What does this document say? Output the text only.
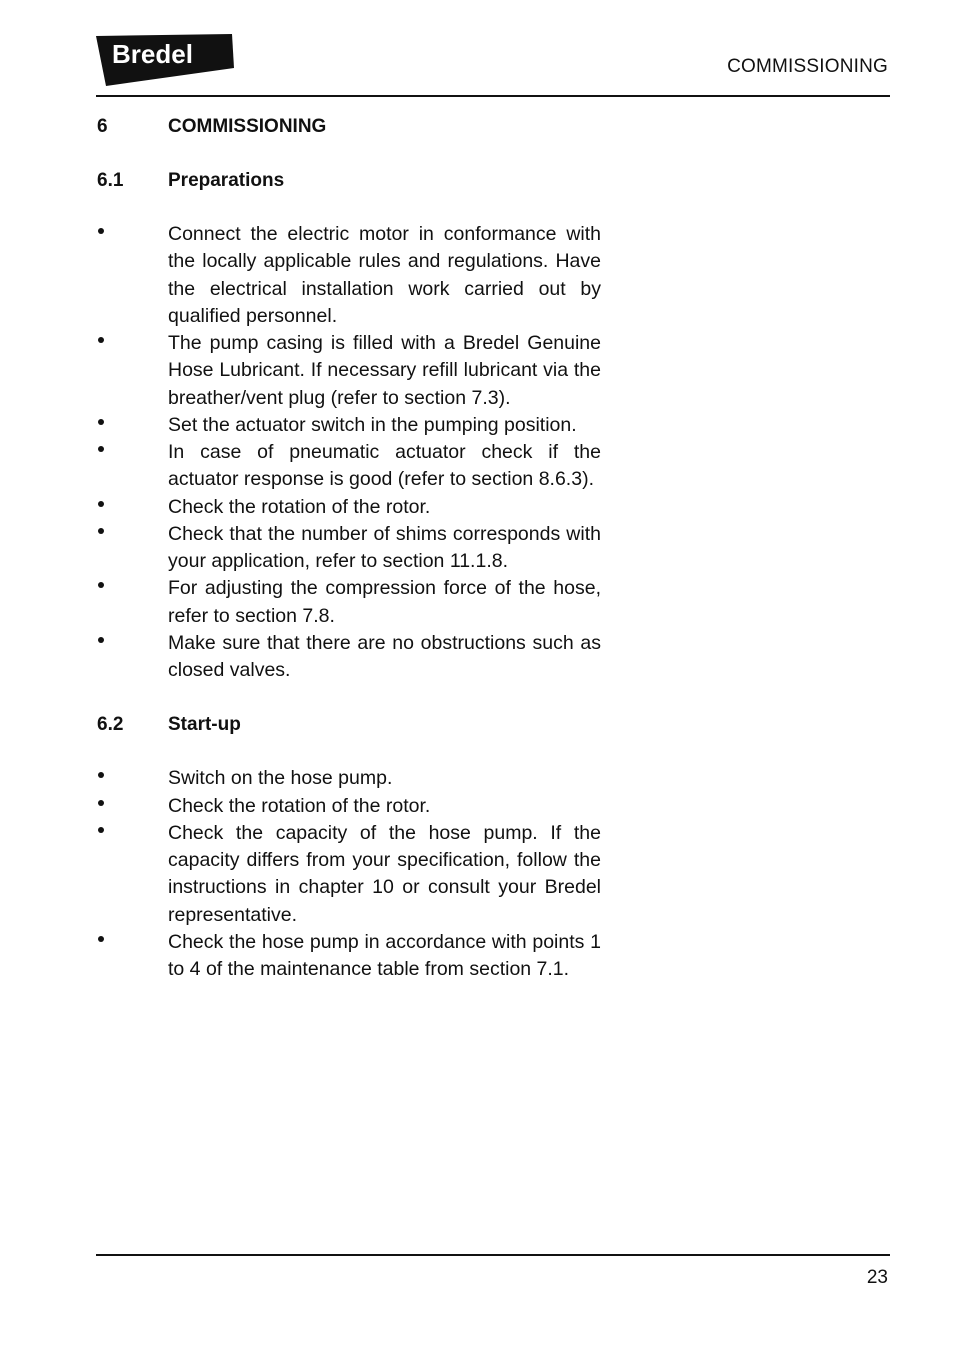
Bredel	COMMISSIONING
6	COMMISSIONING
6.1	Preparations
Connect the electric motor in conformance with the locally applicable rules and regulations. Have the electrical installation work carried out by qualified personnel.
The pump casing is filled with a Bredel Genuine Hose Lubricant. If necessary refill lubricant via the breather/vent plug (refer to section 7.3).
Set the actuator switch in the pumping position.
In case of pneumatic actuator check if the actuator response is good (refer to section 8.6.3).
Check the rotation of the rotor.
Check that the number of shims corresponds with your application, refer to section 11.1.8.
For adjusting the compression force of the hose, refer to section 7.8.
Make sure that there are no obstructions such as closed valves.
6.2	Start-up
Switch on the hose pump.
Check the rotation of the rotor.
Check the capacity of the hose pump. If the capacity differs from your specification, follow the instructions in chapter 10 or consult your Bredel representative.
Check the hose pump in accordance with points 1 to 4 of the maintenance table from section 7.1.
23
